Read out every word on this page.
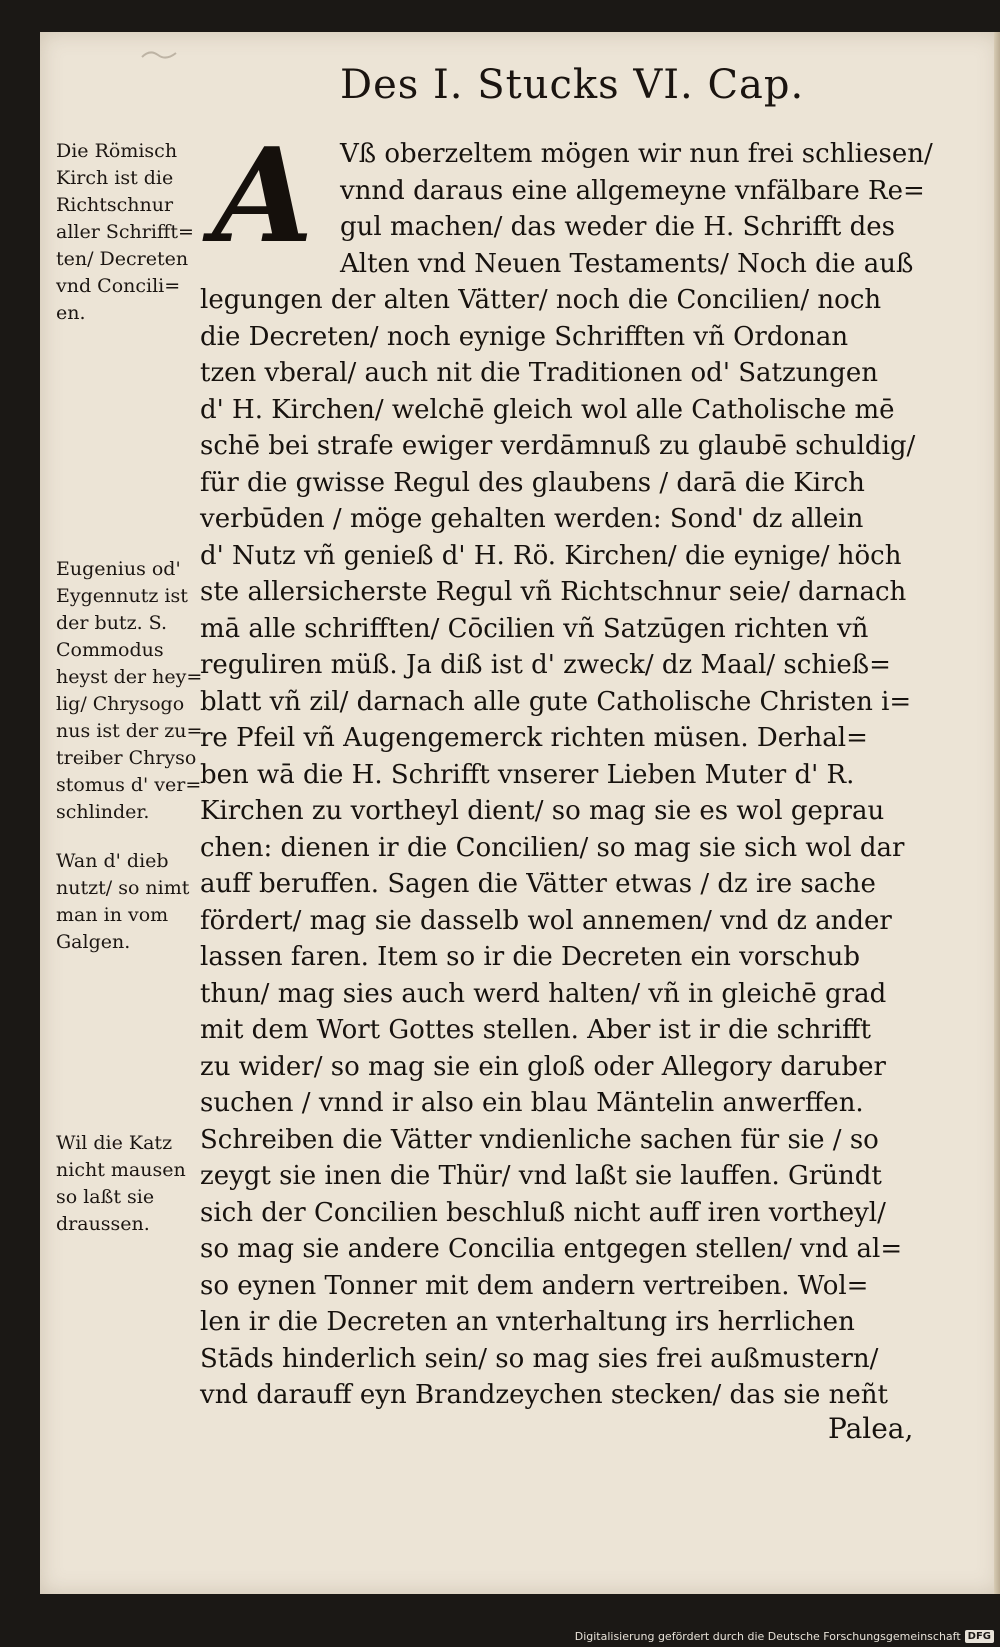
Des I. Stucks VI. Cap.
A	Vß oberzeltem mögen wir nun frei schliesen/
vnnd daraus eine allgemeyne vnfälbare Re=
gul machen/ das weder die H. Schrifft des
Alten vnd Neuen Testaments/ Noch die auß
legungen der alten Vätter/ noch die Concilien/ noch
die Decreten/ noch eynige Schrifften vñ Ordonan
tzen vberal/ auch nit die Traditionen od' Satzungen
d' H. Kirchen/ welchē gleich wol alle Catholische mē
schē bei strafe ewiger verdāmnuß zu glaubē schuldig/
für die gwisse Regul des glaubens / darā die Kirch
verbūden / möge gehalten werden: Sond' dz allein
d' Nutz vñ genieß d' H. Rö. Kirchen/ die eynige/ höch
ste allersicherste Regul vñ Richtschnur seie/ darnach
mā alle schrifften/ Cōcilien vñ Satzūgen richten vñ
reguliren müß. Ja diß ist d' zweck/ dz Maal/ schieß=
blatt vñ zil/ darnach alle gute Catholische Christen i=
re Pfeil vñ Augengemerck richten müsen. Derhal=
ben wā die H. Schrifft vnserer Lieben Muter d' R.
Kirchen zu vortheyl dient/ so mag sie es wol geprau
chen: dienen ir die Concilien/ so mag sie sich wol dar
auff beruffen. Sagen die Vätter etwas / dz ire sache
fördert/ mag sie dasselb wol annemen/ vnd dz ander
lassen faren. Item so ir die Decreten ein vorschub
thun/ mag sies auch werd halten/ vñ in gleichē grad
mit dem Wort Gottes stellen. Aber ist ir die schrifft
zu wider/ so mag sie ein gloß oder Allegory daruber
suchen / vnnd ir also ein blau Mäntelin anwerffen.
Schreiben die Vätter vndienliche sachen für sie / so
zeygt sie inen die Thür/ vnd laßt sie lauffen. Gründt
sich der Concilien beschluß nicht auff iren vortheyl/
so mag sie andere Concilia entgegen stellen/ vnd al=
so eynen Tonner mit dem andern vertreiben. Wol=
len ir die Decreten an vnterhaltung irs herrlichen
Stāds hinderlich sein/ so mag sies frei außmustern/
vnd darauff eyn Brandzeychen stecken/ das sie neñt
Palea,
Die Römisch
Kirch ist die
Richtschnur
aller Schrifft=
ten/ Decreten
vnd Concili=
en.
Eugenius od'
Eygennutz ist
der butz. S.
Commodus
heyst der hey=
lig/ Chrysogo
nus ist der zu=
treiber Chryso
stomus d' ver=
schlinder.
Wan d' dieb
nutzt/ so nimt
man in vom
Galgen.
Wil die Katz
nicht mausen
so laßt sie
draussen.
Digitalisierung gefördert durch die Deutsche Forschungsgemeinschaft DFG
